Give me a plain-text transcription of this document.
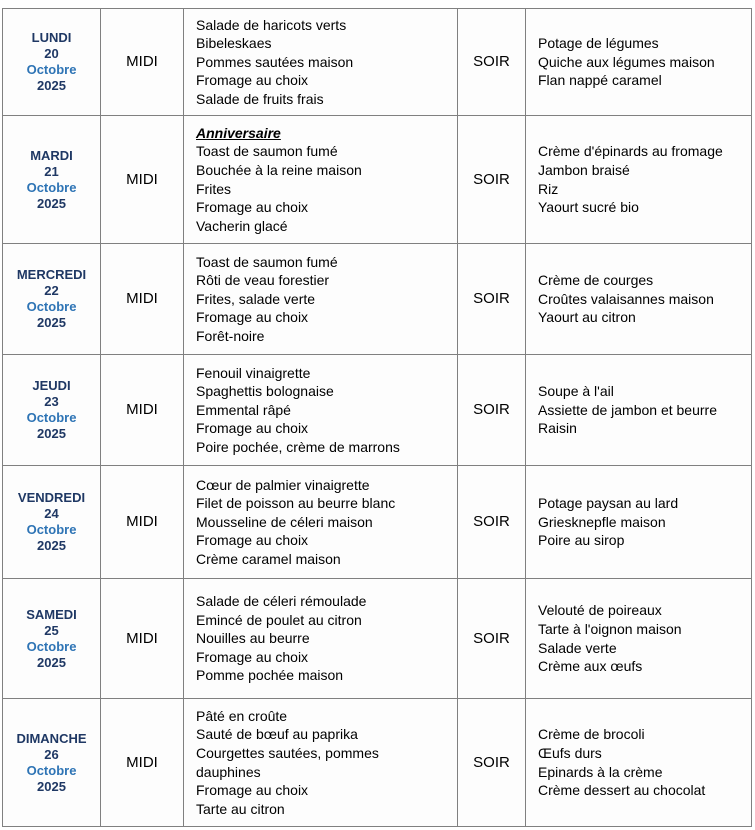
LUNDI
20
Octobre
2025
	MIDI	
Salade de haricots verts
Bibeleskaes
Pommes sautées maison
Fromage au choix
Salade de fruits frais
	SOIR	
Potage de légumes
Quiche aux légumes maison
Flan nappé caramel

MARDI
21
Octobre
2025
	MIDI	
Anniversaire
Toast de saumon fumé
Bouchée à la reine maison
Frites
Fromage au choix
Vacherin glacé
	SOIR	
Crème d'épinards au fromage
Jambon braisé
Riz
Yaourt sucré bio

MERCREDI
22
Octobre
2025
	MIDI	
Toast de saumon fumé
Rôti de veau forestier
Frites, salade verte
Fromage au choix
Forêt-noire
	SOIR	
Crème de courges
Croûtes valaisannes maison
Yaourt au citron

JEUDI
23
Octobre
2025
	MIDI	
Fenouil vinaigrette
Spaghettis bolognaise
Emmental râpé
Fromage au choix
Poire pochée, crème de marrons
	SOIR	
Soupe à l'ail
Assiette de jambon et beurre
Raisin

VENDREDI
24
Octobre
2025
	MIDI	
Cœur de palmier vinaigrette
Filet de poisson au beurre blanc
Mousseline de céleri maison
Fromage au choix
Crème caramel maison
	SOIR	
Potage paysan au lard
Griesknepfle maison
Poire au sirop

SAMEDI
25
Octobre
2025
	MIDI	
Salade de céleri rémoulade
Emincé de poulet au citron
Nouilles au beurre
Fromage au choix
Pomme pochée maison
	SOIR	
Velouté de poireaux
Tarte à l'oignon maison
Salade verte
Crème aux œufs

DIMANCHE
26
Octobre
2025
	MIDI	
Pâté en croûte
Sauté de bœuf au paprika
Courgettes sautées, pommes dauphines
Fromage au choix
Tarte au citron
	SOIR	
Crème de brocoli
Œufs durs
Epinards à la crème
Crème dessert au chocolat
